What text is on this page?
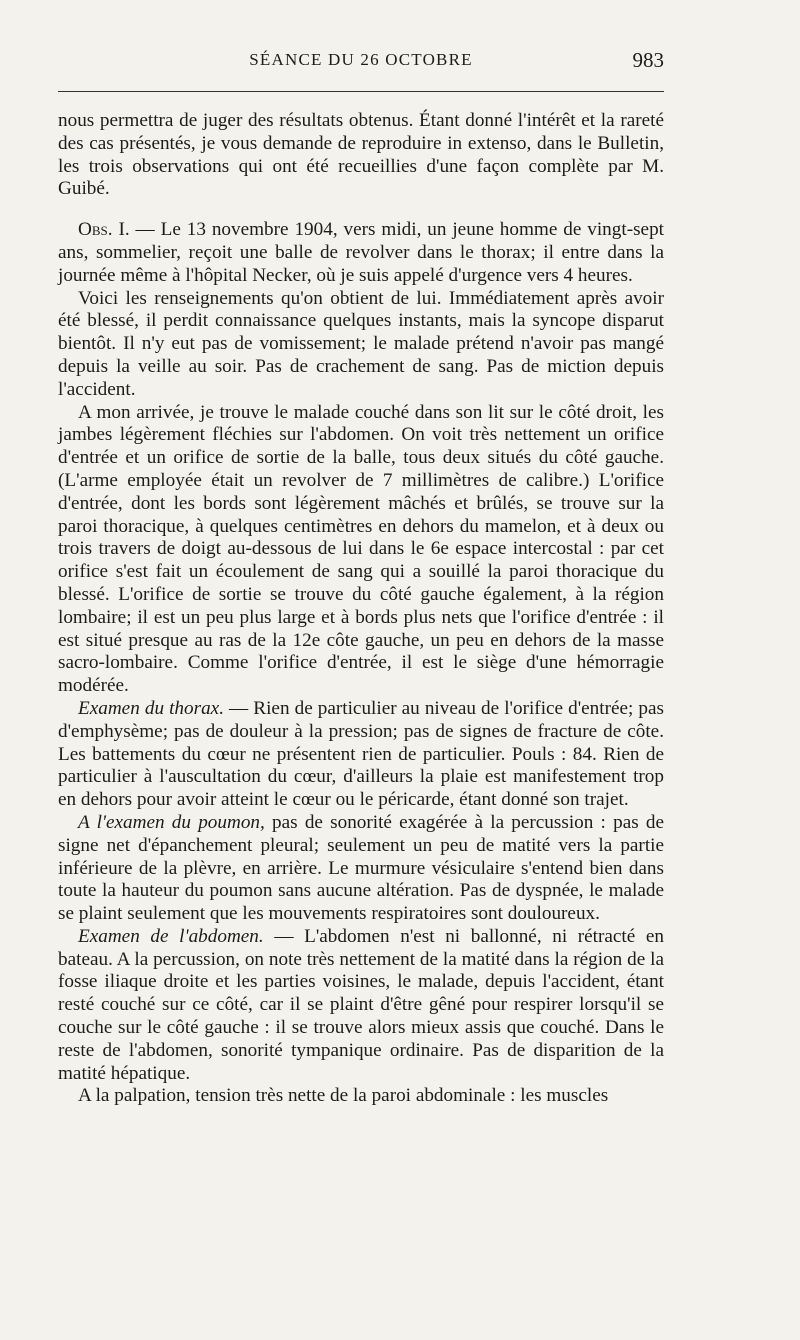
SÉANCE DU 26 OCTOBRE	983

nous permettra de juger des résultats obtenus. Étant donné l'intérêt et la rareté des cas présentés, je vous demande de reproduire in extenso, dans le Bulletin, les trois observations qui ont été recueillies d'une façon complète par M. Guibé.

Obs. I. — Le 13 novembre 1904, vers midi, un jeune homme de vingt-sept ans, sommelier, reçoit une balle de revolver dans le thorax; il entre dans la journée même à l'hôpital Necker, où je suis appelé d'urgence vers 4 heures.

Voici les renseignements qu'on obtient de lui. Immédiatement après avoir été blessé, il perdit connaissance quelques instants, mais la syncope disparut bientôt. Il n'y eut pas de vomissement; le malade prétend n'avoir pas mangé depuis la veille au soir. Pas de crachement de sang. Pas de miction depuis l'accident.

A mon arrivée, je trouve le malade couché dans son lit sur le côté droit, les jambes légèrement fléchies sur l'abdomen. On voit très nettement un orifice d'entrée et un orifice de sortie de la balle, tous deux situés du côté gauche. (L'arme employée était un revolver de 7 millimètres de calibre.) L'orifice d'entrée, dont les bords sont légèrement mâchés et brûlés, se trouve sur la paroi thoracique, à quelques centimètres en dehors du mamelon, et à deux ou trois travers de doigt au-dessous de lui dans le 6e espace intercostal : par cet orifice s'est fait un écoulement de sang qui a souillé la paroi thoracique du blessé. L'orifice de sortie se trouve du côté gauche également, à la région lombaire; il est un peu plus large et à bords plus nets que l'orifice d'entrée : il est situé presque au ras de la 12e côte gauche, un peu en dehors de la masse sacro-lombaire. Comme l'orifice d'entrée, il est le siège d'une hémorragie modérée.

Examen du thorax. — Rien de particulier au niveau de l'orifice d'entrée; pas d'emphysème; pas de douleur à la pression; pas de signes de fracture de côte. Les battements du cœur ne présentent rien de particulier. Pouls : 84. Rien de particulier à l'auscultation du cœur, d'ailleurs la plaie est manifestement trop en dehors pour avoir atteint le cœur ou le péricarde, étant donné son trajet.

A l'examen du poumon, pas de sonorité exagérée à la percussion : pas de signe net d'épanchement pleural; seulement un peu de matité vers la partie inférieure de la plèvre, en arrière. Le murmure vésiculaire s'entend bien dans toute la hauteur du poumon sans aucune altération. Pas de dyspnée, le malade se plaint seulement que les mouvements respiratoires sont douloureux.

Examen de l'abdomen. — L'abdomen n'est ni ballonné, ni rétracté en bateau. A la percussion, on note très nettement de la matité dans la région de la fosse iliaque droite et les parties voisines, le malade, depuis l'accident, étant resté couché sur ce côté, car il se plaint d'être gêné pour respirer lorsqu'il se couche sur le côté gauche : il se trouve alors mieux assis que couché. Dans le reste de l'abdomen, sonorité tympanique ordinaire. Pas de disparition de la matité hépatique.

A la palpation, tension très nette de la paroi abdominale : les muscles
